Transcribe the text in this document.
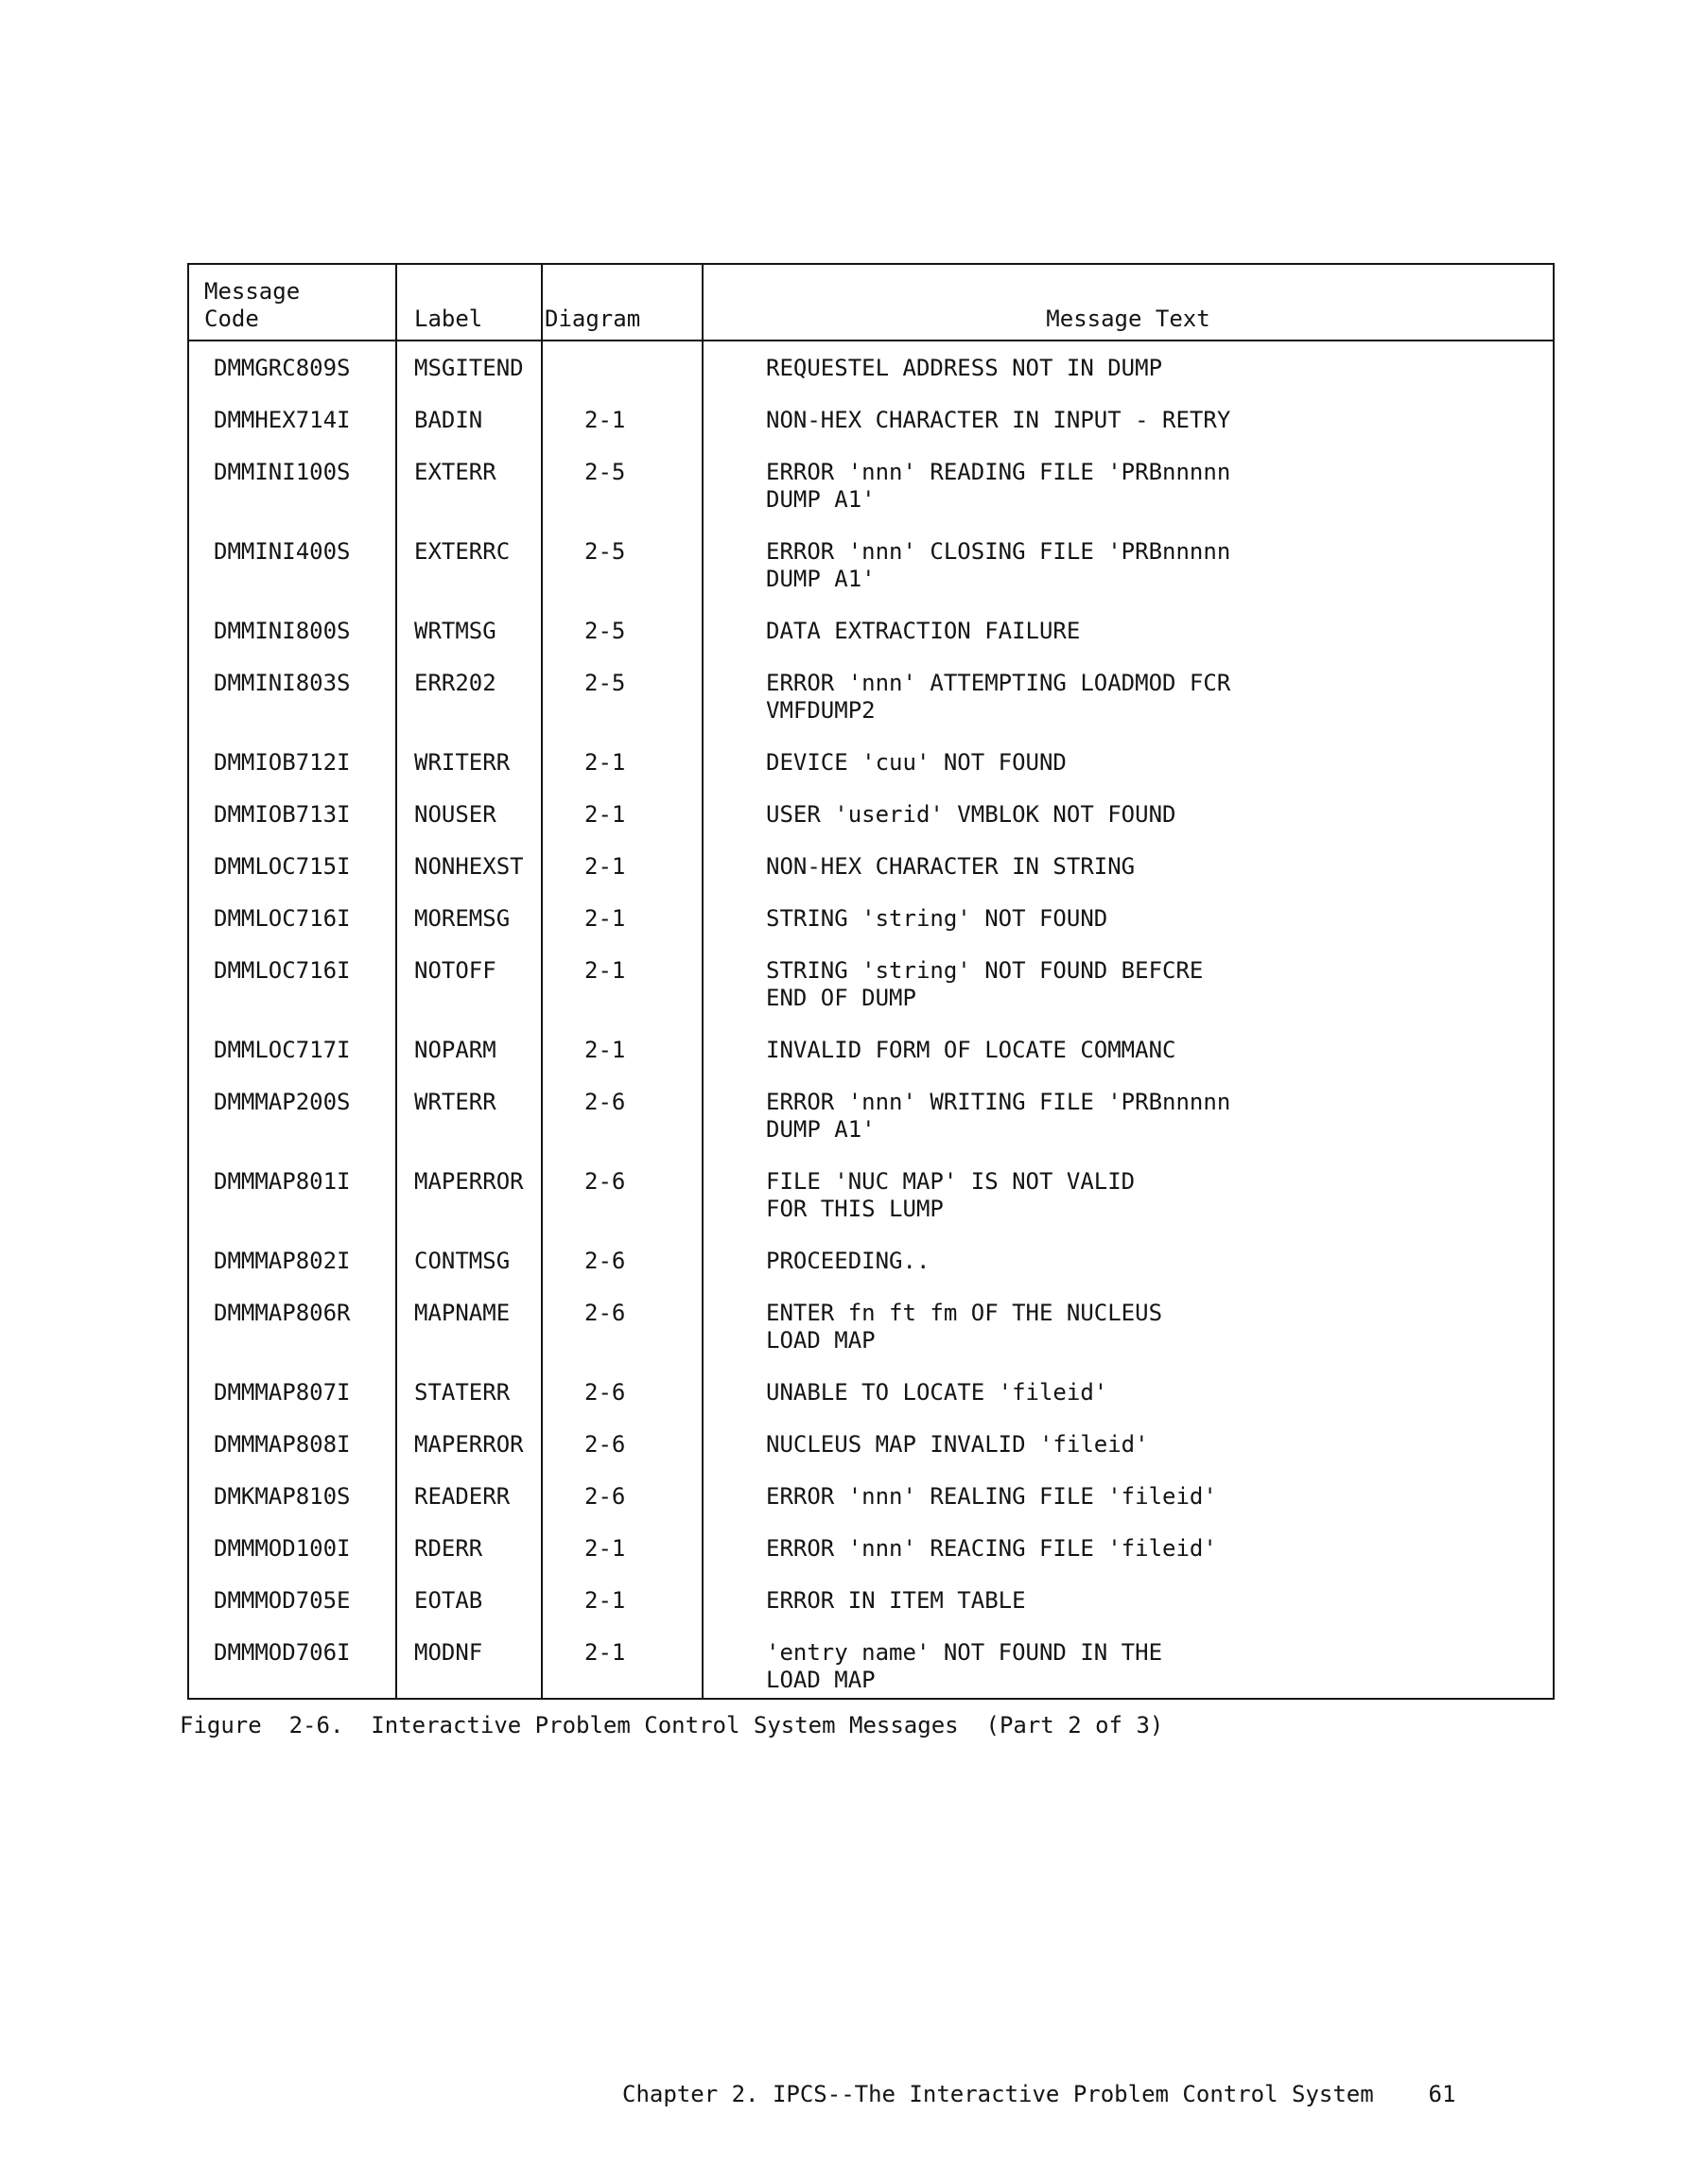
Message
Code	Label	Diagram	Message Text
DMMGRC809S	MSGITEND		REQUESTEL ADDRESS NOT IN DUMP
DMMHEX714I	BADIN	2-1	NON-HEX CHARACTER IN INPUT - RETRY
DMMINI100S	EXTERR	2-5	ERROR 'nnn' READING FILE 'PRBnnnnn
DUMP A1'
DMMINI400S	EXTERRC	2-5	ERROR 'nnn' CLOSING FILE 'PRBnnnnn
DUMP A1'
DMMINI800S	WRTMSG	2-5	DATA EXTRACTION FAILURE
DMMINI803S	ERR202	2-5	ERROR 'nnn' ATTEMPTING LOADMOD FCR
VMFDUMP2
DMMIOB712I	WRITERR	2-1	DEVICE 'cuu' NOT FOUND
DMMIOB713I	NOUSER	2-1	USER 'userid' VMBLOK NOT FOUND
DMMLOC715I	NONHEXST	2-1	NON-HEX CHARACTER IN STRING
DMMLOC716I	MOREMSG	2-1	STRING 'string' NOT FOUND
DMMLOC716I	NOTOFF	2-1	STRING 'string' NOT FOUND BEFCRE
END OF DUMP
DMMLOC717I	NOPARM	2-1	INVALID FORM OF LOCATE COMMANC
DMMMAP200S	WRTERR	2-6	ERROR 'nnn' WRITING FILE 'PRBnnnnn
DUMP A1'
DMMMAP801I	MAPERROR	2-6	FILE 'NUC MAP' IS NOT VALID
FOR THIS LUMP
DMMMAP802I	CONTMSG	2-6	PROCEEDING..
DMMMAP806R	MAPNAME	2-6	ENTER fn ft fm OF THE NUCLEUS
LOAD MAP
DMMMAP807I	STATERR	2-6	UNABLE TO LOCATE 'fileid'
DMMMAP808I	MAPERROR	2-6	NUCLEUS MAP INVALID 'fileid'
DMKMAP810S	READERR	2-6	ERROR 'nnn' REALING FILE 'fileid'
DMMMOD100I	RDERR	2-1	ERROR 'nnn' REACING FILE 'fileid'
DMMMOD705E	EOTAB	2-1	ERROR IN ITEM TABLE
DMMMOD706I	MODNF	2-1	'entry name' NOT FOUND IN THE
LOAD MAP
Figure  2-6.  Interactive Problem Control System Messages  (Part 2 of 3)
Chapter 2. IPCS--The Interactive Problem Control System    61
